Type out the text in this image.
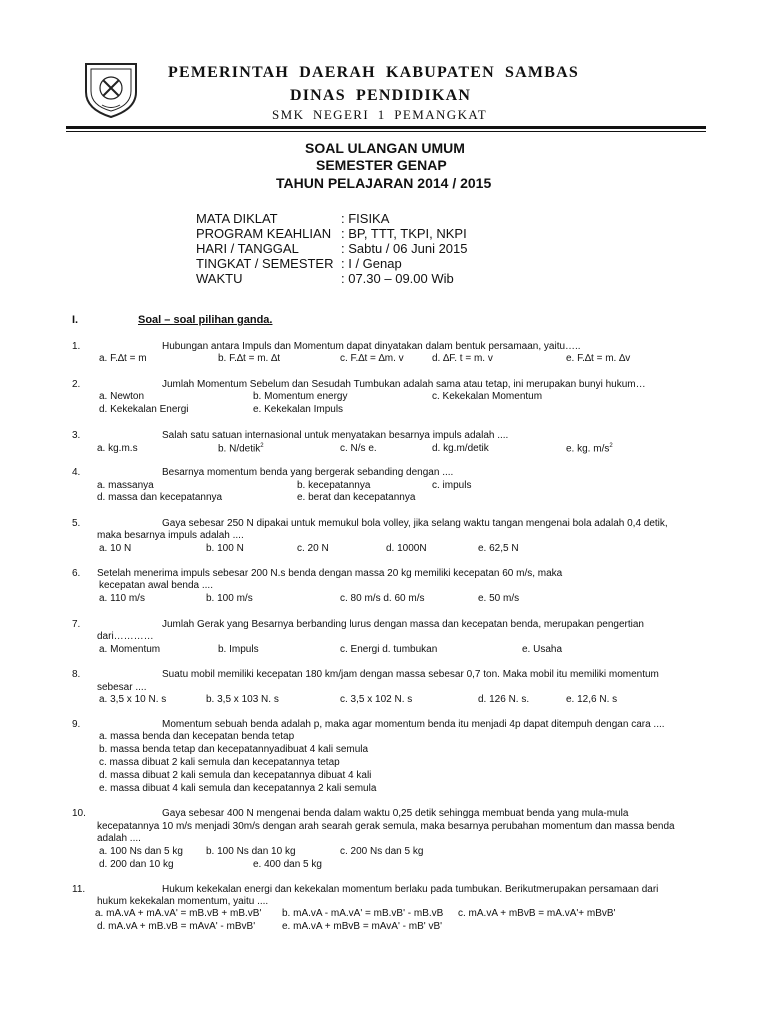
PEMERINTAH DAERAH KABUPATEN SAMBAS
DINAS PENDIDIKAN
SMK NEGERI 1 PEMANGKAT
SOAL ULANGAN UMUM
SEMESTER GENAP
TAHUN PELAJARAN 2014 / 2015
MATA DIKLAT	: FISIKA
PROGRAM KEAHLIAN : BP, TTT, TKPI, NKPI
HARI / TANGGAL	: Sabtu / 06 Juni 2015
TINGKAT / SEMESTER : I / Genap
WAKTU	: 07.30 – 09.00 Wib
I.	Soal – soal pilihan ganda.
1.	Hubungan antara Impuls dan Momentum dapat dinyatakan dalam bentuk persamaan, yaitu…..
a. F.∆t = m	b. F.∆t = m. ∆t	c. F.∆t = ∆m. v	d. ∆F. t = m. v	e. F.∆t = m. ∆v
2.	Jumlah Momentum Sebelum dan Sesudah Tumbukan adalah sama atau tetap, ini merupakan bunyi hukum…
a. Newton	b. Momentum energy	c. Kekekalan Momentum
d. Kekekalan Energi	e. Kekekalan Impuls
3.	Salah satu satuan internasional untuk menyatakan besarnya impuls adalah ....
a. kg.m.s	b. N/detik$^2$	c. N/s e.	d. kg.m/detik	e. kg. $m/s^2$
4.	Besarnya momentum benda yang bergerak sebanding dengan ....
a. massanya	b. kecepatannya	c. impuls
d. massa dan kecepatannya	e. berat dan kecepatannya
5.	Gaya sebesar 250 N dipakai untuk memukul bola volley, jika selang waktu tangan mengenai bola adalah 0,4 detik,
maka besarnya impuls adalah ....
a. 10 N	b. 100 N	c. 20 N	d. 1000N	e. 62,5 N
6. Setelah menerima impuls sebesar 200 N.s benda dengan massa 20 kg memiliki kecepatan 60 m/s, maka
kecepatan awal benda ....
a. 110 m/s	b. 100 m/s	c. 80 m/s d. 60 m/s	e. 50 m/s
7.	Jumlah Gerak yang Besarnya berbanding lurus dengan massa dan kecepatan benda, merupakan pengertian
dari…………
a. Momentum	b. Impuls	c. Energi d. tumbukan	e. Usaha
8.	Suatu mobil memiliki kecepatan 180 km/jam dengan massa sebesar 0,7 ton. Maka mobil itu memiliki momentum
sebesar ....
a. 3,5 x 10 N. s	b. 3,5 x 103 N. s	c. 3,5 x 102 N. s	d. 126 N. s.	e. 12,6 N. s
9.	Momentum sebuah benda adalah p, maka agar momentum benda itu menjadi 4p dapat ditempuh dengan cara ....
a. massa benda dan kecepatan benda tetap
b. massa benda tetap dan kecepatannyadibuat 4 kali semula
c. massa dibuat 2 kali semula dan kecepatannya tetap
d. massa dibuat 2 kali semula dan kecepatannya dibuat 4 kali
e. massa dibuat 4 kali semula dan kecepatannya 2 kali semula
10.	Gaya sebesar 400 N mengenai benda dalam waktu 0,25 detik sehingga membuat benda yang mula-mula
kecepatannya 10 m/s menjadi 30m/s dengan arah searah gerak semula, maka besarnya perubahan momentum dan massa benda
adalah ....
a. 100 Ns dan 5 kg b. 100 Ns dan 10 kg	c. 200 Ns dan 5 kg
d. 200 dan 10 kg	e. 400 dan 5 kg
11.	Hukum kekekalan energi dan kekekalan momentum berlaku pada tumbukan. Berikutmerupakan persamaan dari
hukum kekekalan momentum, yaitu ....
a. mA.vA + mA.vA' = mB.vB + mB.vB' b. mA.vA - mA.vA' = mB.vB' - mB.vB c. mA.vA + mBvB = mA.vA'+ mBvB'
d. mA.vA + mB.vB = mAvA' - mBvB'	e. mA.vA + mBvB = mAvA' - mB' vB'
